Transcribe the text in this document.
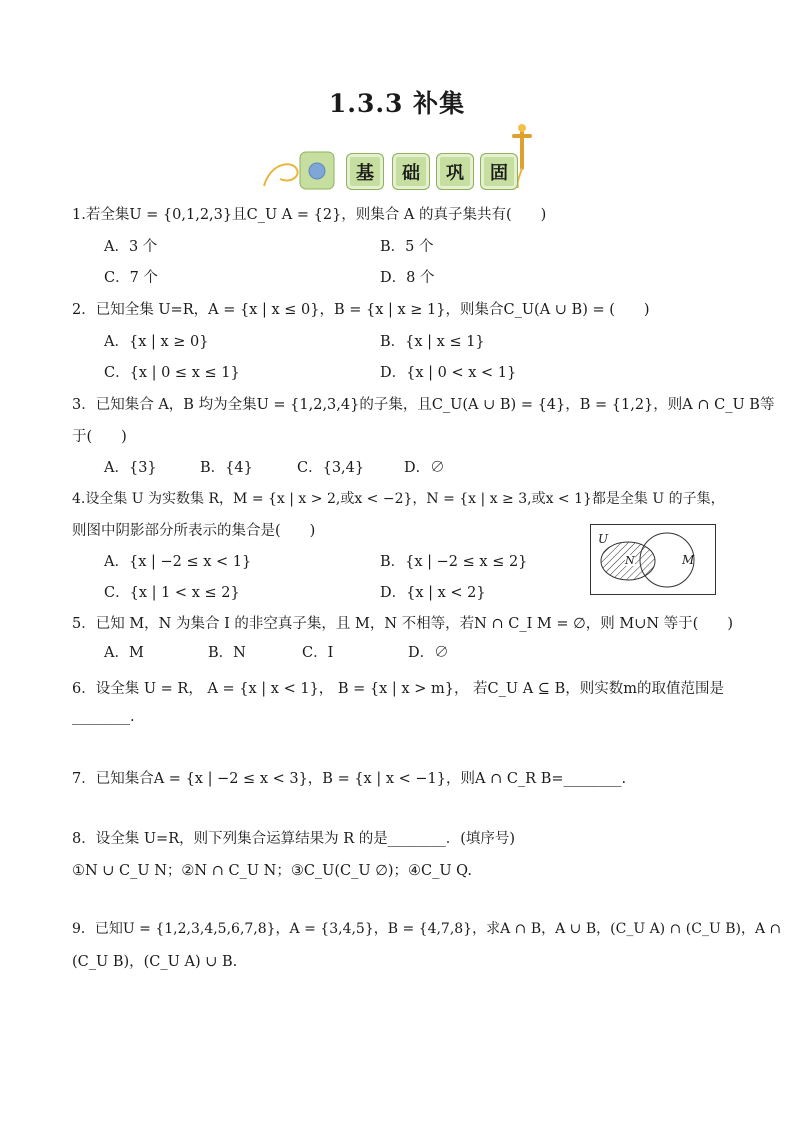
1.3.3 补集
基	础	巩	固
1.若全集U = {0,1,2,3}且C_U A = {2}，则集合 A 的真子集共有(　　)
A．3 个	B．5 个
C．7 个	D．8 个
2．已知全集 U=R，A = {x | x ≤ 0}，B = {x | x ≥ 1}，则集合C_U(A ∪ B) = (　　)
A．{x | x ≥ 0}	B．{x | x ≤ 1}
C．{x | 0 ≤ x ≤ 1}	D．{x | 0 < x < 1}
3．已知集合 A，B 均为全集U = {1,2,3,4}的子集，且C_U(A ∪ B) = {4}，B = {1,2}，则A ∩ C_U B等
于(　　)
A．{3}	B．{4}	C．{3,4}	D．∅
4.设全集 U 为实数集 R，M = {x | x > 2,或x < −2}，N = {x | x ≥ 3,或x < 1}都是全集 U 的子集，
则图中阴影部分所表示的集合是(　　)
A．{x | −2 ≤ x < 1}	B．{x | −2 ≤ x ≤ 2}
C．{x | 1 < x ≤ 2}	D．{x | x < 2}
U
N	M
5．已知 M，N 为集合 I 的非空真子集，且 M，N 不相等，若N ∩ C_I M = ∅，则 M∪N 等于(　　)
A．M	B．N	C．I	D．∅
6．设全集 U = R， A = {x | x < 1}， B = {x | x > m}， 若C_U A ⊆ B，则实数m的取值范围是
________.
7．已知集合A = {x | −2 ≤ x < 3}，B = {x | x < −1}，则A ∩ C_R B=________.
8．设全集 U=R，则下列集合运算结果为 R 的是________．(填序号)
①N ∪ C_U N；②N ∩ C_U N；③C_U(C_U ∅)；④C_U Q.
9．已知U = {1,2,3,4,5,6,7,8}，A = {3,4,5}，B = {4,7,8}，求A ∩ B，A ∪ B，(C_U A) ∩ (C_U B)，A ∩
(C_U B)，(C_U A) ∪ B.
